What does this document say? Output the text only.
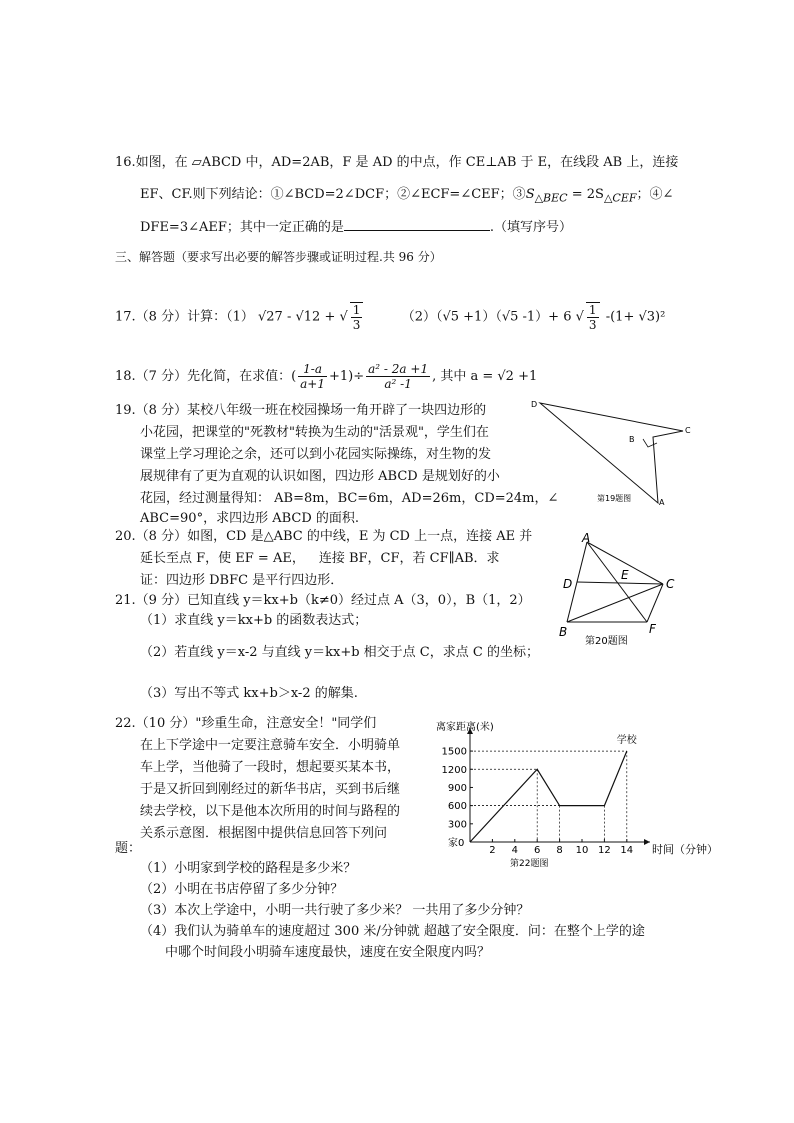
16.如图，在 ▱ABCD 中，AD=2AB，F 是 AD 的中点，作 CE⊥AB 于 E，在线段 AB 上，连接
EF、CF.则下列结论：①∠BCD=2∠DCF；②∠ECF=∠CEF；$③S_{\triangle BEC} = 2S_{\triangle CEF}$；④∠
DFE=3∠AEF；其中一定正确的是	.（填写序号）
三、解答题（要求写出必要的解答步骤或证明过程.共 96 分）
17.（8 分）计算：（1） √27 - √12 + √ $\frac{1}{3}$	（2）（√5 +1）（√5 -1）+ 6 √ $\frac{1}{3} -(1+ √3)^2$
18.（7 分）先化简，在求值：( $\frac{1-a}{a+1} +1)\div \frac{\text{a² - 2a +1}}{\text{a² -1}}$ , 其中 a = √2 +1
19.（8 分）某校八年级一班在校园操场一角开辟了一块四边形的
小花园，把课堂的"死教材"转换为生动的"活景观"，学生们在
课堂上学习理论之余，还可以到小花园实际操练，对生物的发
展规律有了更为直观的认识如图，四边形 ABCD 是规划好的小
花园，经过测量得知： AB=8m，BC=6m，AD=26m，CD=24m，∠
ABC=90°，求四边形 ABCD 的面积.
D
C
B
A
第19题图
20.（8 分）如图，CD 是△ABC 的中线，E 为 CD 上一点，连接 AE 并
延长至点 F，使 EF = AE， 连接 BF，CF，若 CF∥AB．求
证：四边形 DBFC 是平行四边形．
A
D
E
C
B	F
第20题图
21.（9 分）已知直线 y＝kx+b（k≠0）经过点 A（3，0），B（1，2）
（1）求直线 y＝kx+b 的函数表达式；
（2）若直线 y＝x-2 与直线 y＝kx+b 相交于点 C，求点 C 的坐标；
（3）写出不等式 kx+b＞x-2 的解集.
22.（10 分）"珍重生命，注意安全！"同学们
在上下学途中一定要注意骑车安全．小明骑单
车上学，当他骑了一段时，想起要买某本书，
于是又折回到刚经过的新华书店，买到书后继
续去学校，以下是他本次所用的时间与路程的
关系示意图．根据图中提供信息回答下列问
题：
（1）小明家到学校的路程是多少米？
（2）小明在书店停留了多少分钟？
（3）本次上学途中，小明一共行驶了多少米？ 一共用了多少分钟？
（4）我们认为骑单车的速度超过 300 米/分钟就 超越了安全限度．问：在整个上学的途
中哪个时间段小明骑车速度最快，速度在安全限度内吗？
2 4 6 8 10 12 14
300
600
900
1200
1500
离家距离(米)
时间（分钟）
家0
学校
第22题图
